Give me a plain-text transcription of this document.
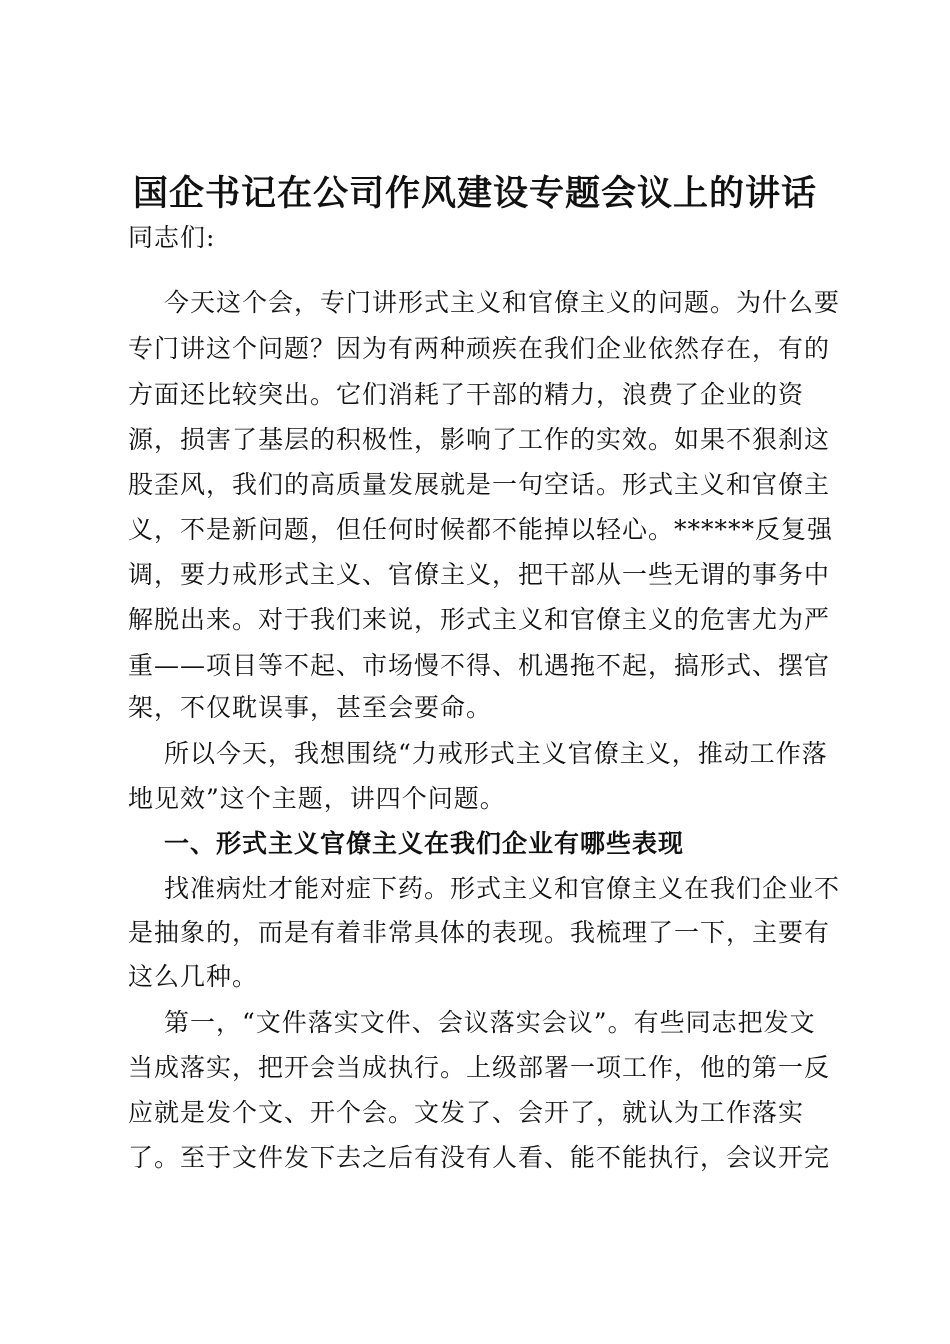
国企书记在公司作风建设专题会议上的讲话
同志们:
今天这个会，专门讲形式主义和官僚主义的问题。为什么要
专门讲这个问题？因为有两种顽疾在我们企业依然存在，有的
方面还比较突出。它们消耗了干部的精力，浪费了企业的资
源，损害了基层的积极性，影响了工作的实效。如果不狠刹这
股歪风，我们的高质量发展就是一句空话。形式主义和官僚主
义，不是新问题，但任何时候都不能掉以轻心。******反复强
调，要力戒形式主义、官僚主义，把干部从一些无谓的事务中
解脱出来。对于我们来说，形式主义和官僚主义的危害尤为严
重——项目等不起、市场慢不得、机遇拖不起，搞形式、摆官
架，不仅耽误事，甚至会要命。
所以今天，我想围绕“力戒形式主义官僚主义，推动工作落
地见效”这个主题，讲四个问题。
一、形式主义官僚主义在我们企业有哪些表现
找准病灶才能对症下药。形式主义和官僚主义在我们企业不
是抽象的，而是有着非常具体的表现。我梳理了一下，主要有
这么几种。
第一，“文件落实文件、会议落实会议”。有些同志把发文
当成落实，把开会当成执行。上级部署一项工作，他的第一反
应就是发个文、开个会。文发了、会开了，就认为工作落实
了。至于文件发下去之后有没有人看、能不能执行，会议开完
